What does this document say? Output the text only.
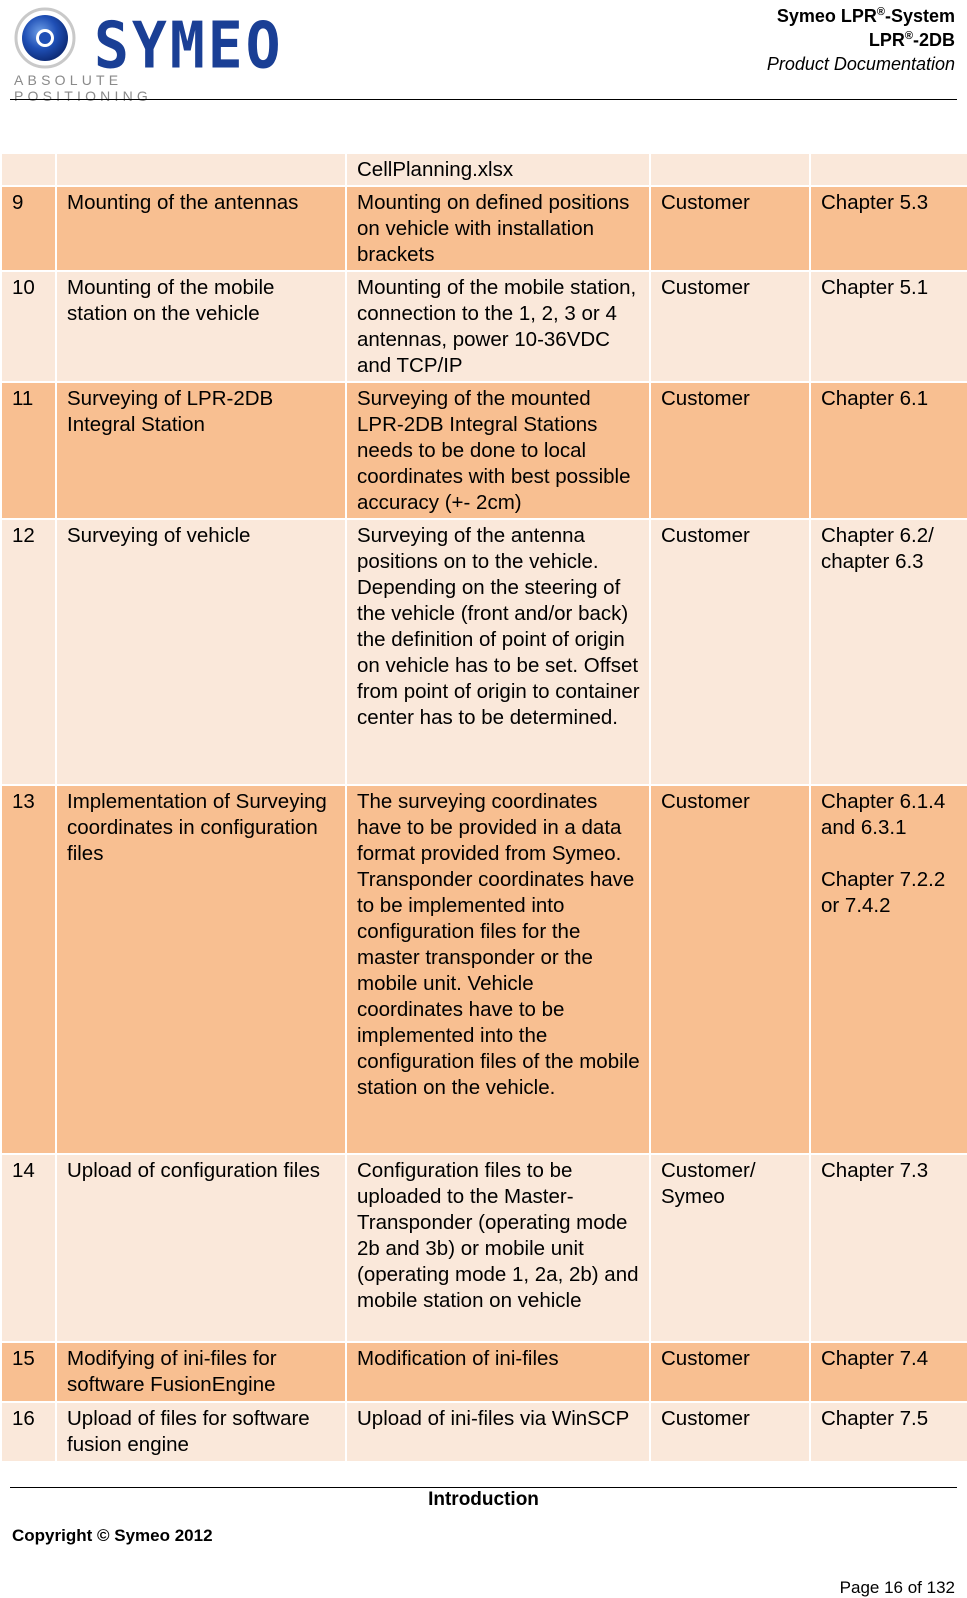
SYMEO
ABSOLUTE POSITIONING
Symeo LPR®-System
LPR®-2DB
Product Documentation
		CellPlanning.xlsx		
9	Mounting of the antennas	Mounting on defined positions on vehicle with installation brackets	Customer	Chapter 5.3
10	Mounting of the mobile station on the vehicle	Mounting of the mobile station, connection to the 1, 2, 3 or 4 antennas, power 10-36VDC and TCP/IP	Customer	Chapter 5.1
11	Surveying of LPR-2DB Integral Station	Surveying of the mounted LPR-2DB Integral Stations needs to be done to local coordinates with best possible accuracy (+- 2cm)	Customer	Chapter 6.1
12	Surveying of vehicle	Surveying of the antenna positions on to the vehicle. Depending on the steering of the vehicle (front and/or back) the definition of point of origin on vehicle has to be set. Offset from point of origin to container center has to be determined.	Customer	Chapter 6.2/ chapter 6.3
13	Implementation of Surveying coordinates in configuration files	The surveying coordinates have to be provided in a data format provided from Symeo. Transponder coordinates have to be implemented into configuration files for the master transponder or the mobile unit. Vehicle coordinates have to be implemented into the configuration files of the mobile station on the vehicle.	Customer	Chapter 6.1.4 and 6.3.1
Chapter 7.2.2 or 7.4.2

14	Upload of configuration files	Configuration files to be uploaded to the Master-Transponder (operating mode 2b and 3b) or mobile unit (operating mode 1, 2a, 2b) and mobile station on vehicle	Customer/ Symeo	Chapter 7.3
15	Modifying of ini-files for software FusionEngine	Modification of ini-files	Customer	Chapter 7.4
16	Upload of files for software fusion engine	Upload of ini-files via WinSCP	Customer	Chapter 7.5
Introduction
Copyright © Symeo 2012
Page 16 of 132
